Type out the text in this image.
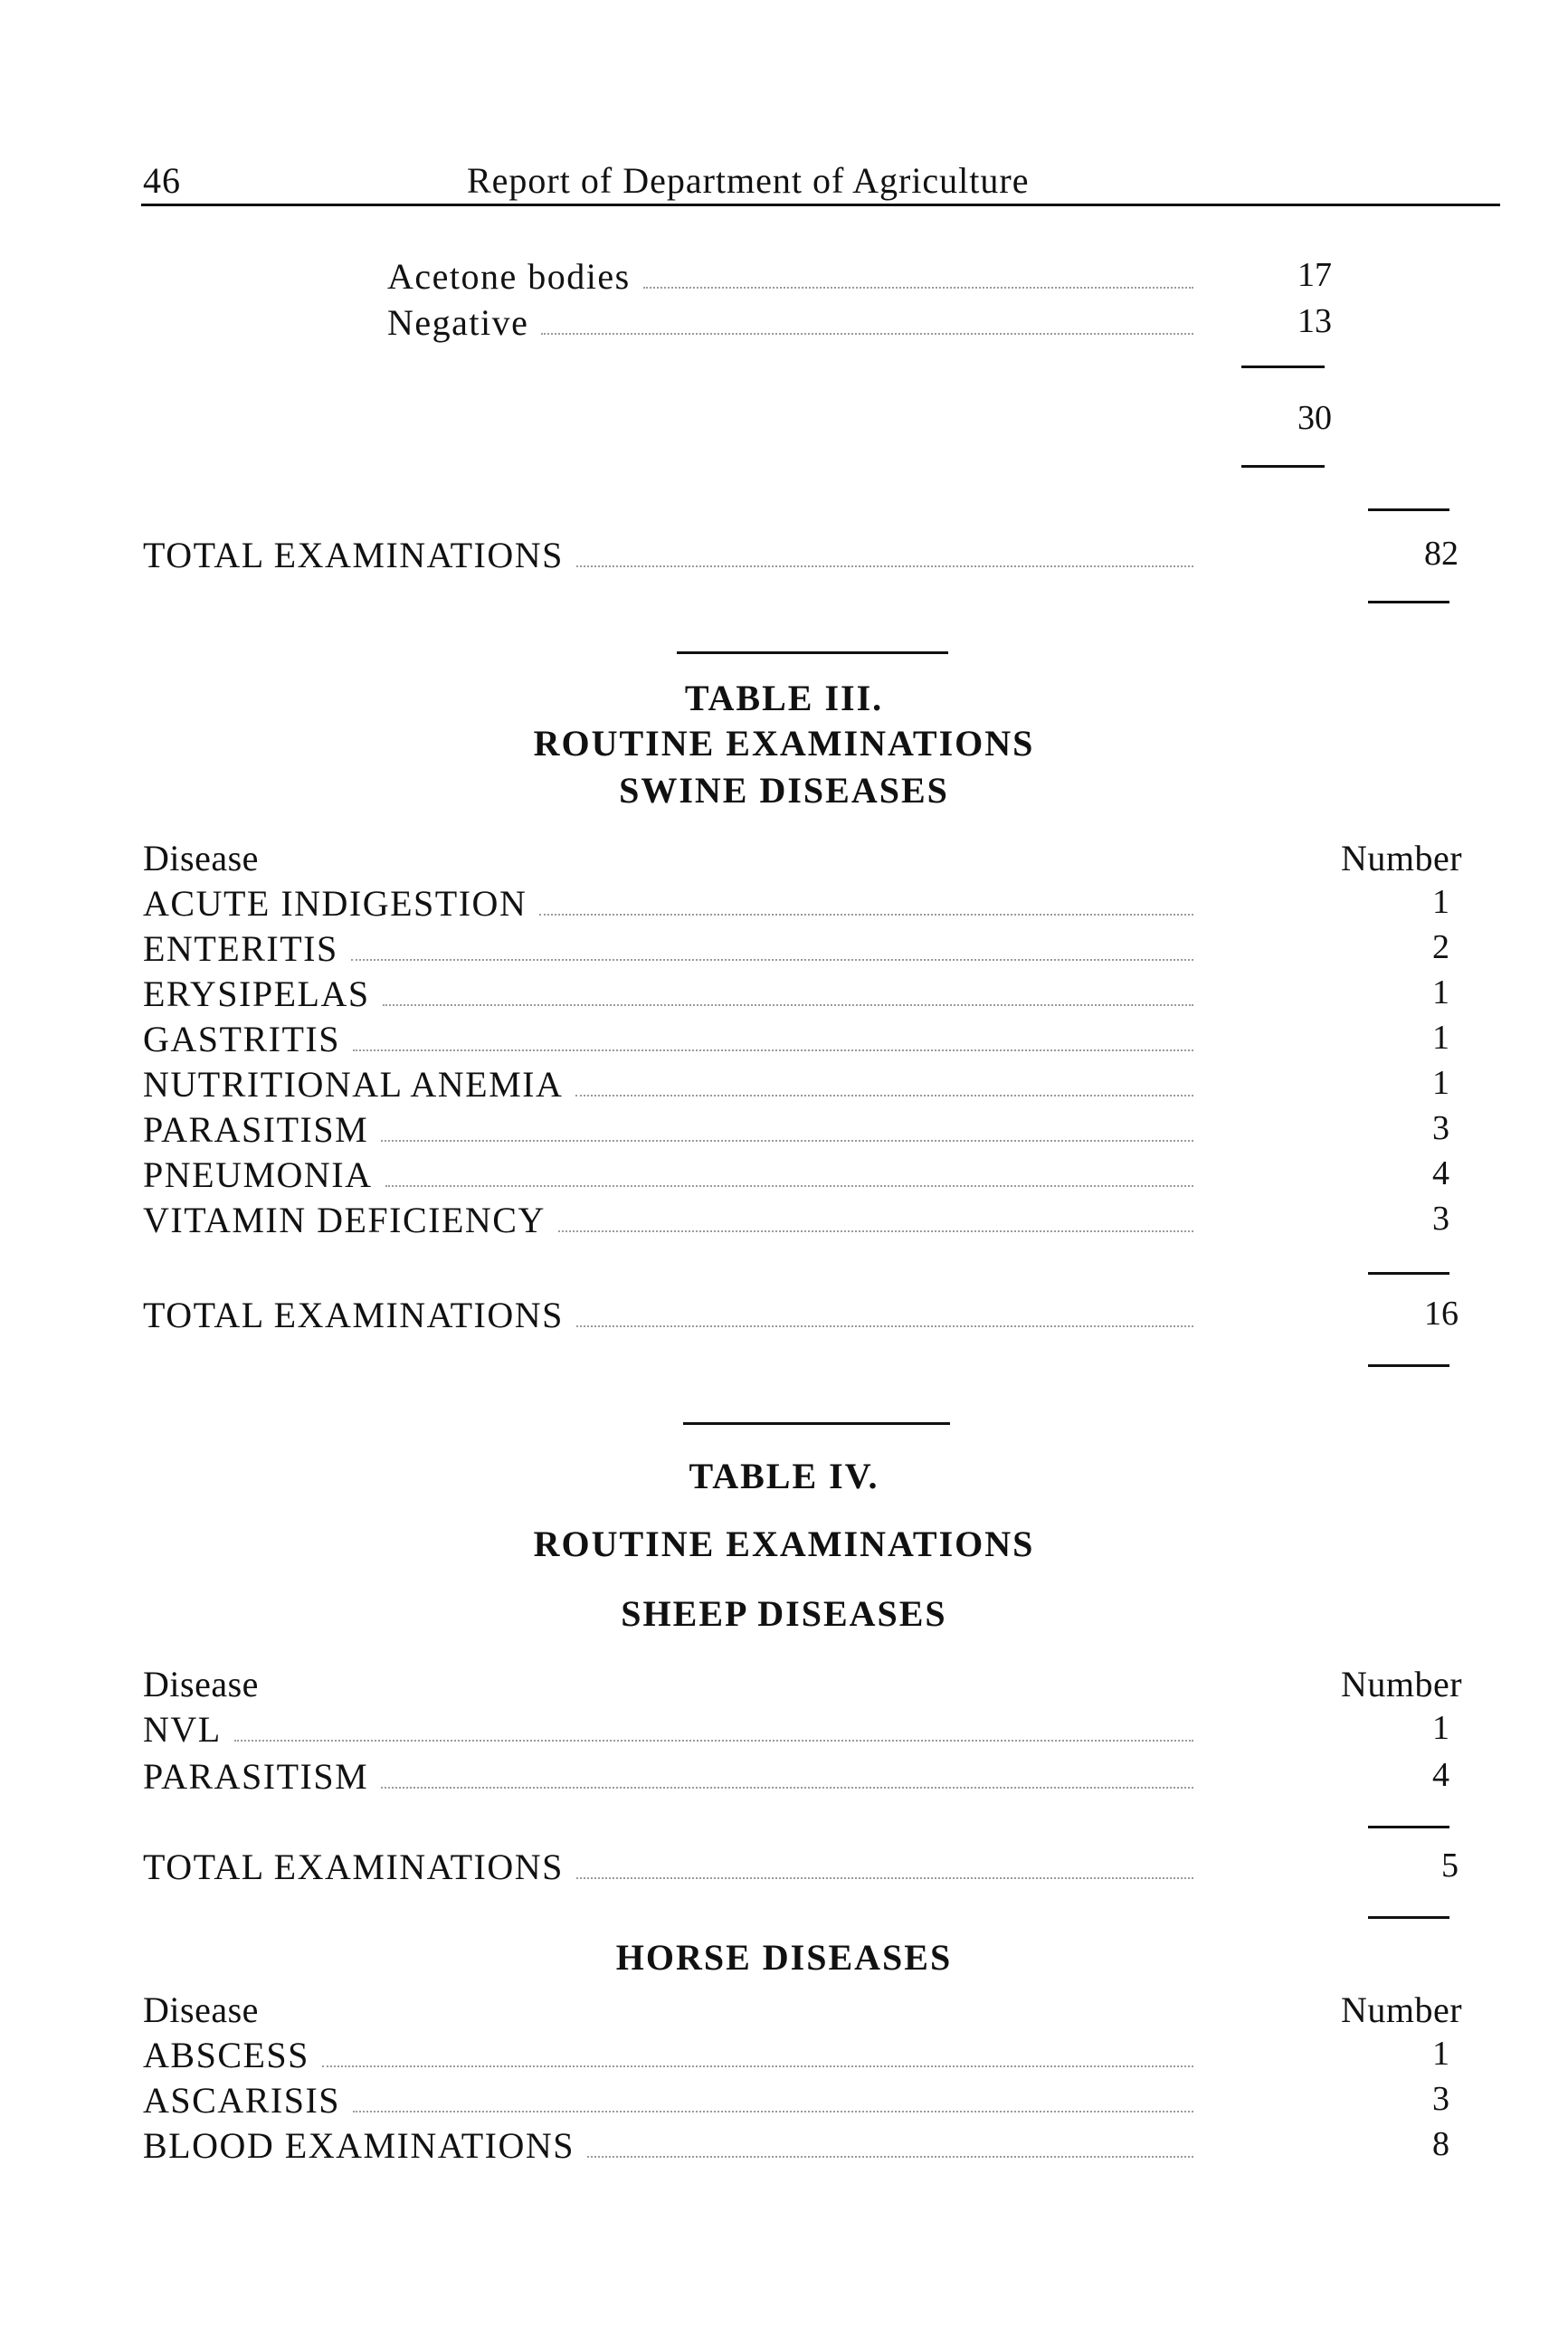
46	Report of Department of Agriculture
Acetone bodies	17
Negative	13
30
TOTAL EXAMINATIONS	82
TABLE III.
ROUTINE EXAMINATIONS
SWINE DISEASES
Disease	Number
ACUTE INDIGESTION	1
ENTERITIS	2
ERYSIPELAS	1
GASTRITIS	1
NUTRITIONAL ANEMIA	1
PARASITISM	3
PNEUMONIA	4
VITAMIN DEFICIENCY	3
TOTAL EXAMINATIONS	16
TABLE IV.
ROUTINE EXAMINATIONS
SHEEP DISEASES
Disease	Number
NVL	1
PARASITISM	4
TOTAL EXAMINATIONS	5
HORSE DISEASES
Disease	Number
ABSCESS	1
ASCARISIS	3
BLOOD EXAMINATIONS	8
